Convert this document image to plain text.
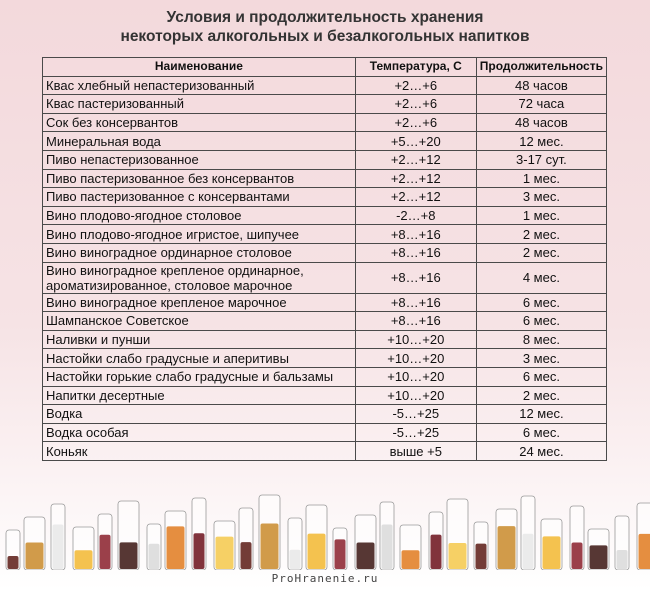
Условия и продолжительность хранения
некоторых алкогольных и безалкогольных напитков
Наименование	Температура, С	Продолжительность
Квас хлебный непастеризованный	+2…+6	48 часов
Квас пастеризованный	+2…+6	72 часа
Сок без консервантов	+2…+6	48 часов
Минеральная вода	+5…+20	12 мес.
Пиво непастеризованное	+2…+12	3-17 сут.
Пиво пастеризованное без консервантов	+2…+12	1 мес.
Пиво пастеризованное с консервантами	+2…+12	3 мес.
Вино плодово-ягодное столовое	-2…+8	1 мес.
Вино плодово-ягодное игристое, шипучее	+8…+16	2 мес.
Вино виноградное ординарное столовое	+8…+16	2 мес.
Вино виноградное крепленое ординарное, ароматизированное, столовое марочное	+8…+16	4 мес.
Вино виноградное крепленое марочное	+8…+16	6 мес.
Шампанское Советское	+8…+16	6 мес.
Наливки и пунши	+10…+20	8 мес.
Настойки слабо градусные и аперитивы	+10…+20	3 мес.
Настойки горькие слабо градусные и бальзамы	+10…+20	6 мес.
Напитки десертные	+10…+20	2 мес.
Водка	-5…+25	12 мес.
Водка особая	-5…+25	6 мес.
Коньяк	выше +5	24 мес.
ProHranenie.ru
